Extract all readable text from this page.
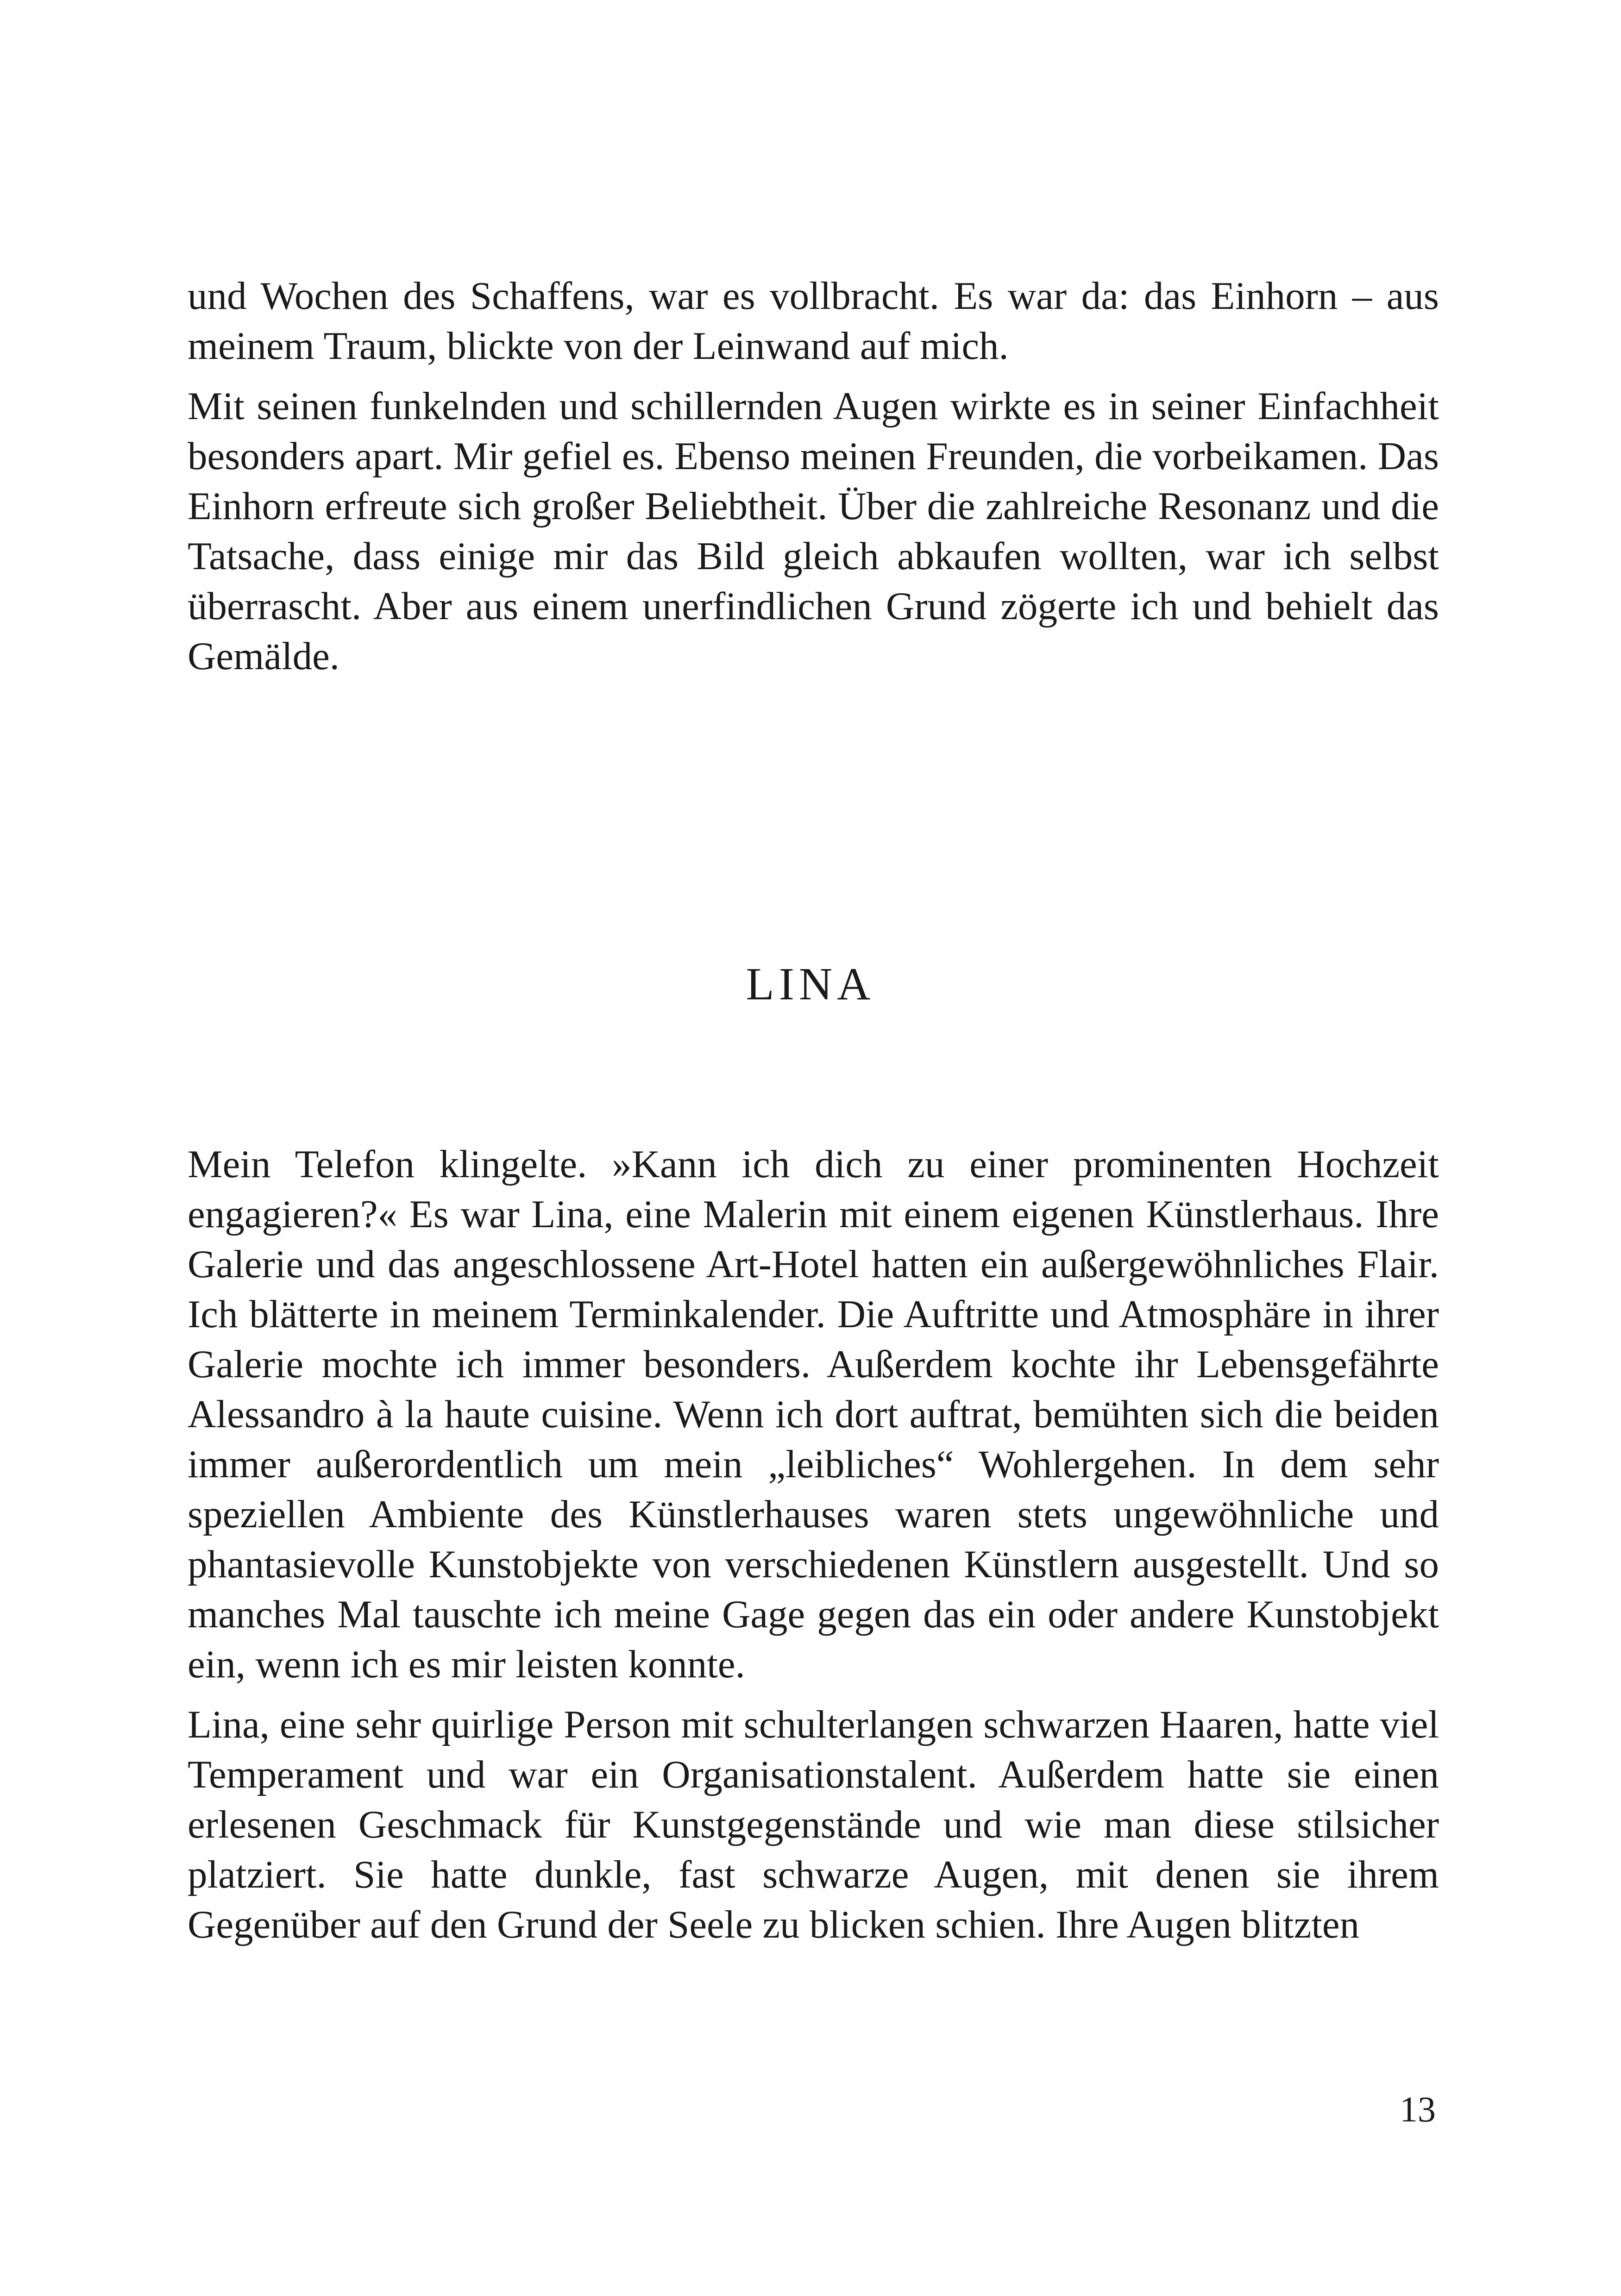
und Wochen des Schaffens, war es vollbracht. Es war da: das Einhorn – aus meinem Traum, blickte von der Leinwand auf mich.

Mit seinen funkelnden und schillernden Augen wirkte es in seiner Einfachheit besonders apart. Mir gefiel es. Ebenso meinen Freunden, die vorbeikamen. Das Einhorn erfreute sich großer Beliebtheit. Über die zahlreiche Resonanz und die Tatsache, dass einige mir das Bild gleich abkaufen wollten, war ich selbst überrascht. Aber aus einem unerfindlichen Grund zögerte ich und behielt das Gemälde.

LINA

Mein Telefon klingelte. »Kann ich dich zu einer prominenten Hochzeit engagieren?« Es war Lina, eine Malerin mit einem eigenen Künstlerhaus. Ihre Galerie und das angeschlossene Art-Hotel hatten ein außergewöhnliches Flair. Ich blätterte in meinem Terminkalender. Die Auftritte und Atmosphäre in ihrer Galerie mochte ich immer besonders. Außerdem kochte ihr Lebensgefährte Alessandro à la haute cuisine. Wenn ich dort auftrat, bemühten sich die beiden immer außerordentlich um mein „leibliches“ Wohlergehen. In dem sehr speziellen Ambiente des Künstlerhauses waren stets ungewöhnliche und phantasievolle Kunstobjekte von verschiedenen Künstlern ausgestellt. Und so manches Mal tauschte ich meine Gage gegen das ein oder andere Kunstobjekt ein, wenn ich es mir leisten konnte.

Lina, eine sehr quirlige Person mit schulterlangen schwarzen Haaren, hatte viel Temperament und war ein Organisationstalent. Außerdem hatte sie einen erlesenen Geschmack für Kunstgegenstände und wie man diese stilsicher platziert. Sie hatte dunkle, fast schwarze Augen, mit denen sie ihrem Gegenüber auf den Grund der Seele zu blicken schien. Ihre Augen blitzten

13
